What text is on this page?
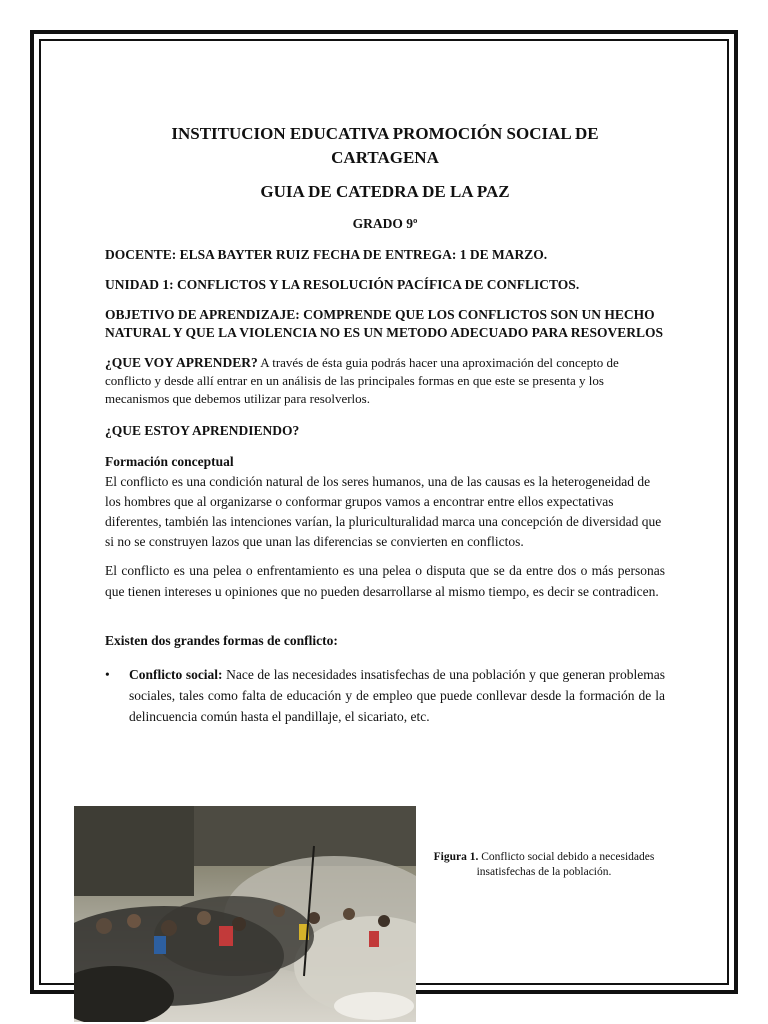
INSTITUCION EDUCATIVA PROMOCIÓN SOCIAL DE
CARTAGENA

GUIA DE CATEDRA DE LA PAZ

GRADO 9º

DOCENTE: ELSA BAYTER RUIZ FECHA DE ENTREGA: 1 DE MARZO.

UNIDAD 1: CONFLICTOS Y LA RESOLUCIÓN PACÍFICA DE CONFLICTOS.

OBJETIVO DE APRENDIZAJE: COMPRENDE QUE LOS CONFLICTOS SON UN HECHO NATURAL Y QUE LA VIOLENCIA NO ES UN METODO ADECUADO PARA RESOVERLOS

¿QUE VOY APRENDER? A través de ésta guia podrás hacer una aproximación del concepto de conflicto y desde allí entrar en un análisis de las principales formas en que este se presenta y los mecanismos que debemos utilizar para resolverlos.

¿QUE ESTOY APRENDIENDO?

Formación conceptual
El conflicto es una condición natural de los seres humanos, una de las causas es la heterogeneidad de los hombres que al organizarse o conformar grupos vamos a encontrar entre ellos expectativas diferentes, también las intenciones varían, la pluriculturalidad marca una concepción de diversidad que si no se construyen lazos que unan las diferencias se convierten en conflictos.

El conflicto es una pelea o enfrentamiento es una pelea o disputa que se da entre dos o más personas que tienen intereses u opiniones que no pueden desarrollarse al mismo tiempo, es decir se contradicen.

Existen dos grandes formas de conflicto:

• Conflicto social: Nace de las necesidades insatisfechas de una población y que generan problemas sociales, tales como falta de educación y de empleo que puede conllevar desde la formación de la delincuencia común hasta el pandillaje, el sicariato, etc.
Figura 1. Conflicto social debido a necesidades insatisfechas de la población.
